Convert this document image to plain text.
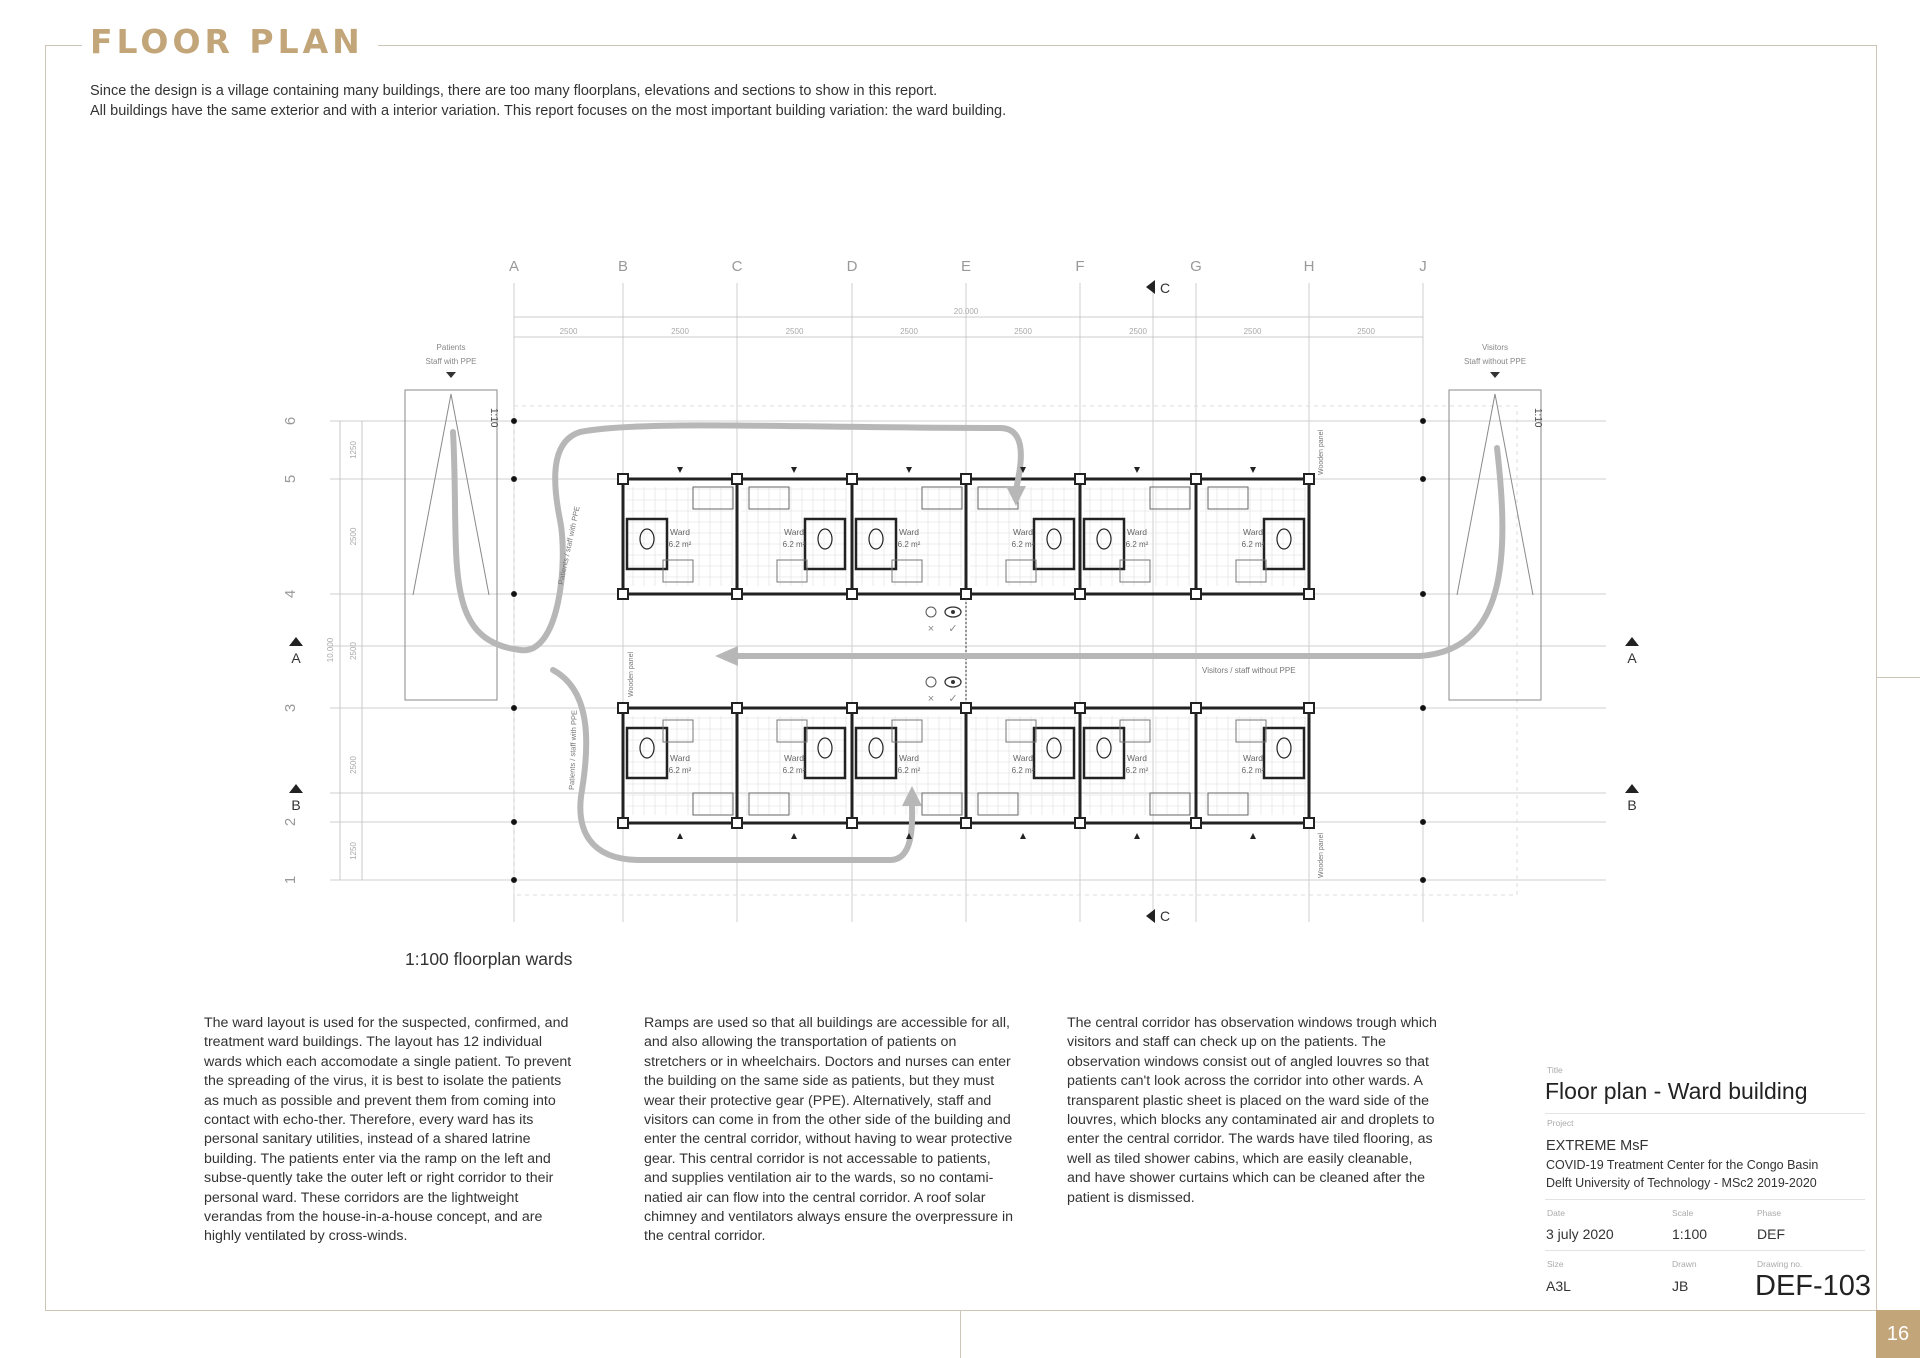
FLOOR PLAN
Since the design is a village containing many buildings, there are too many floorplans, elevations and sections to show in this report.
All buildings have the same exterior and with a interior variation. This report focuses on the most important building variation: the ward building.
A	B	C	D	E	F	G	H	J
6
5
4
3
2
1
20.000
2500	2500	2500	2500	2500	2500	2500	2500
1250
2500
2500
2500
1250
10.000
1:10	1:10
Patients
Staff with PPE
Visitors
Staff without PPE
Ward
6.2 m²
Ward
6.2 m²
Ward
6.2 m²
Ward
6.2 m²
Ward
6.2 m²
Ward
6.2 m²
Ward
6.2 m²
Ward
6.2 m²
Ward
6.2 m²
Ward
6.2 m²
Ward
6.2 m²
Ward
6.2 m²
× ✓
× ✓
Patients / staff with PPE
Patients / staff with PPE
Visitors / staff without PPE
Wooden panel
Wooden panel
Wooden panel
A	A
B	B
C
C
1:100 floorplan wards
The ward layout is used for the suspected, confirmed, and treatment ward buildings. The layout has 12 individual wards which each accomodate a single patient. To prevent the spreading of the virus, it is best to isolate the patients as much as possible and prevent them from coming into contact with echo-ther. Therefore, every ward has its personal sanitary utilities, instead of a shared latrine building. The patients enter via the ramp on the left and subse-quently take the outer left or right corridor to their personal ward. These corridors are the lightweight verandas from the house-in-a-house concept, and are highly ventilated by cross-winds.
Ramps are used so that all buildings are accessible for all, and also allowing the transportation of patients on stretchers or in wheelchairs. Doctors and nurses can enter the building on the same side as patients, but they must wear their protective gear (PPE). Alternatively, staff and visitors can come in from the other side of the building and enter the central corridor, without having to wear protective gear. This central corridor is not accessable to patients, and supplies ventilation air to the wards, so no contami-natied air can flow into the central corridor. A roof solar chimney and ventilators always ensure the overpressure in the central corridor.
The central corridor has observation windows trough which visitors and staff can check up on the patients. The observation windows consist out of angled louvres so that patients can't look across the corridor into other wards. A transparent plastic sheet is placed on the ward side of the louvres, which blocks any contaminated air and droplets to enter the central corridor. The wards have tiled flooring, as well as tiled shower cabins, which are easily cleanable, and have shower curtains which can be cleaned after the patient is dismissed.
Title
Floor plan - Ward building
Project
EXTREME MsF
COVID-19 Treatment Center for the Congo Basin
Delft University of Technology - MSc2 2019-2020
Date
3 july 2020
Scale
1:100
Phase
DEF
Size
A3L
Drawn
JB
Drawing no.
DEF-103
16
